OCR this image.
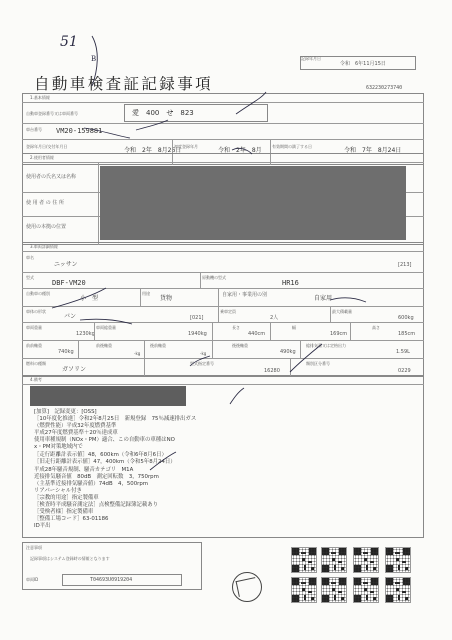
51
B	記録年月日
令和　6年11月15日
自動車検査証記録事項	632230273740
1.基本情報
自動車登録番号又は車両番号	愛　400　せ　823
車台番号 VM20-159881
登録年月日/交付年月日
令和　2年　8月26日
初度登録年月
令和　2年　8月
有効期間の満了する日
令和　7年　8月24日
2.使用者情報
使用者の氏名又は名称
使 用 者 の 住 所
使用の本拠の位置
3.車両詳細情報
車名
ニッサン	[213]
型式
DBF-VM20
原動機の型式
HR16
自動車の種別
小　型
用途
貨物	自家用・事業用の別	自家用
車体の形状
バン	[021]
乗車定員
2人
最大積載量
600kg
車両重量
1230kg
車両総重量
1940kg
長さ
440cm
幅
169cm
高さ
185cm
前前軸重
740kg
前後軸重
-kg
後前軸重
-kg
後後軸重
490kg
総排気量又は定格出力
1.59L
燃料の種類
ガソリン
型式指定番号
16280
類別区分番号
0229
4.備考
[加算]　記録変更：[OSS]
［10年度化推進］令和2年8月25日　新規登録　75％減速排出ガス
（燃費性能）平成32年度燃費基準
平成27年度燃費基準＋20％達成車
使用車種規制（NOx・PM）適合、この自動車の車種はNO
x・PM対策地域内で
［走行距離計表示値］48，600km（令和6年8月6日）
［旧走行距離計表示値］47，400km（令和5年8月24日）
平成28年騒音規制、騒音カテゴリ　M1A
近接排気騒音値　80dB　測定回転数　3，750rpm
（主基準近接排気騒音値）74dB　4，500rpm
リアパーシャル付き
［宗教的用途］指定製備車
［検査時平成騒音測定法］点検整備記録簿記載あり
［受検者様］指定製備車
［整備工場コード］63-01186
ID平出
注意事項
記録事項はシステム登録時の情報となります
車両ID	T04693U0919204
